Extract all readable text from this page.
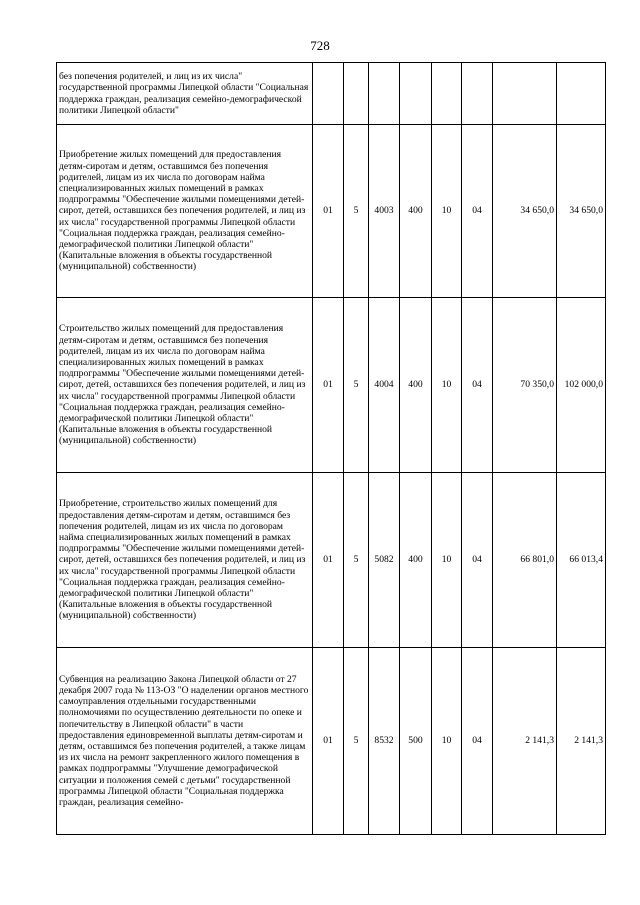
728
без попечения родителей, и лиц из их числа" государственной программы Липецкой области "Социальная поддержка граждан, реализация семейно-демографической политики Липецкой области"								
Приобретение жилых помещений для предоставления детям-сиротам и детям, оставшимся без попечения родителей, лицам из их числа по договорам найма специализированных жилых помещений в рамках подпрограммы "Обеспечение жилыми помещениями детей-сирот, детей, оставшихся без попечения родителей, и лиц из их числа" государственной программы Липецкой области "Социальная поддержка граждан, реализация семейно-демографической политики Липецкой области" (Капитальные вложения в объекты государственной (муниципальной) собственности)	01	5	4003	400	10	04	34 650,0	34 650,0
Строительство жилых помещений для предоставления детям-сиротам и детям, оставшимся без попечения родителей, лицам из их числа по договорам найма специализированных жилых помещений в рамках подпрограммы "Обеспечение жилыми помещениями детей-сирот, детей, оставшихся без попечения родителей, и лиц из их числа" государственной программы Липецкой области "Социальная поддержка граждан, реализация семейно-демографической политики Липецкой области" (Капитальные вложения в объекты государственной (муниципальной) собственности)	01	5	4004	400	10	04	70 350,0	102 000,0
Приобретение, строительство жилых помещений для предоставления детям-сиротам и детям, оставшимся без попечения родителей, лицам из их числа по договорам найма специализированных жилых помещений в рамках подпрограммы "Обеспечение жилыми помещениями детей-сирот, детей, оставшихся без попечения родителей, и лиц из их числа" государственной программы Липецкой области "Социальная поддержка граждан, реализация семейно-демографической политики Липецкой области" (Капитальные вложения в объекты государственной (муниципальной) собственности)	01	5	5082	400	10	04	66 801,0	66 013,4
Субвенция на реализацию Закона Липецкой области от 27 декабря 2007 года № 113-ОЗ "О наделении органов местного самоуправления отдельными государственными полномочиями по осуществлению деятельности по опеке и попечительству в Липецкой области" в части предоставления единовременной выплаты детям-сиротам и детям, оставшимся без попечения родителей, а также лицам из их числа на ремонт закрепленного жилого помещения в рамках подпрограммы "Улучшение демографической ситуации и положения семей с детьми" государственной программы Липецкой области "Социальная поддержка граждан, реализация семейно-	01	5	8532	500	10	04	2 141,3	2 141,3
